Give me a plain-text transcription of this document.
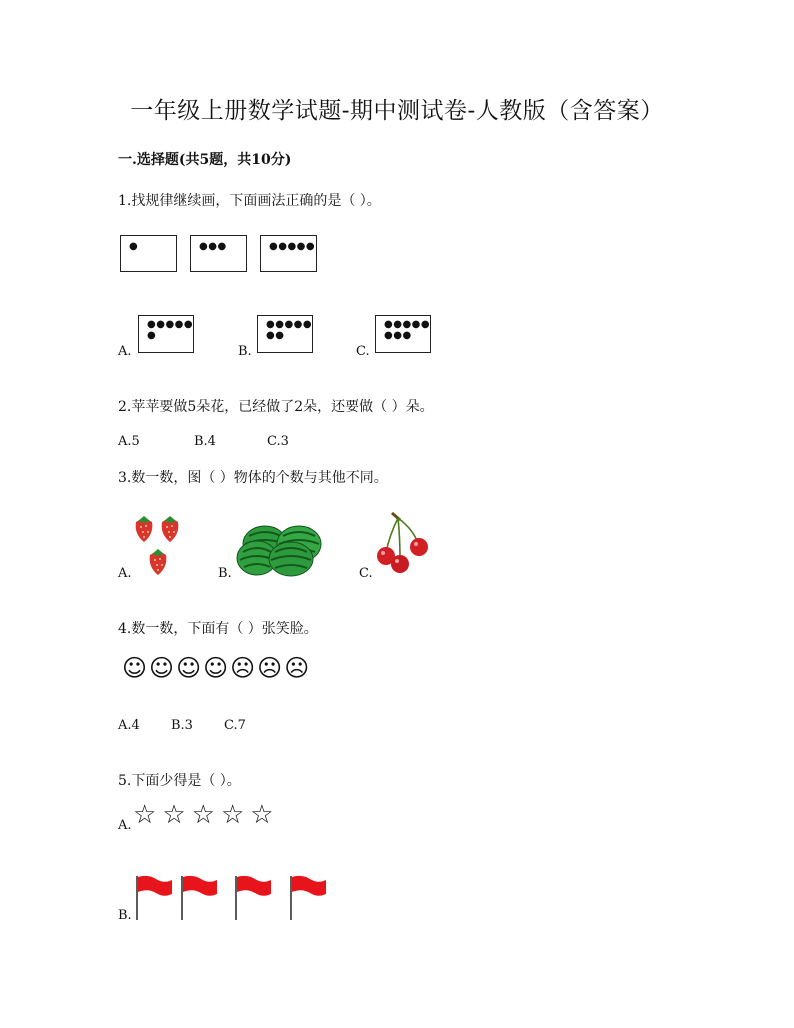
一年级上册数学试题-期中测试卷-人教版（含答案）
一.选择题(共5题，共10分)
1.找规律继续画，下面画法正确的是（ ）。
●	●●●	●●●●●
A.
●●●●●
●
B.
●●●●●
●●
C.
●●●●●
●●●
2.苹苹要做5朵花，已经做了2朵，还要做（ ）朵。
A.5	B.4	C.3
3.数一数，图（ ）物体的个数与其他不同。
A.	B.	C.
4.数一数，下面有（ ）张笑脸。
☺☺☺☺☹☹☹
A.4 B.3 C.7
5.下面少得是（ ）。
A. ☆☆☆☆☆
B.
